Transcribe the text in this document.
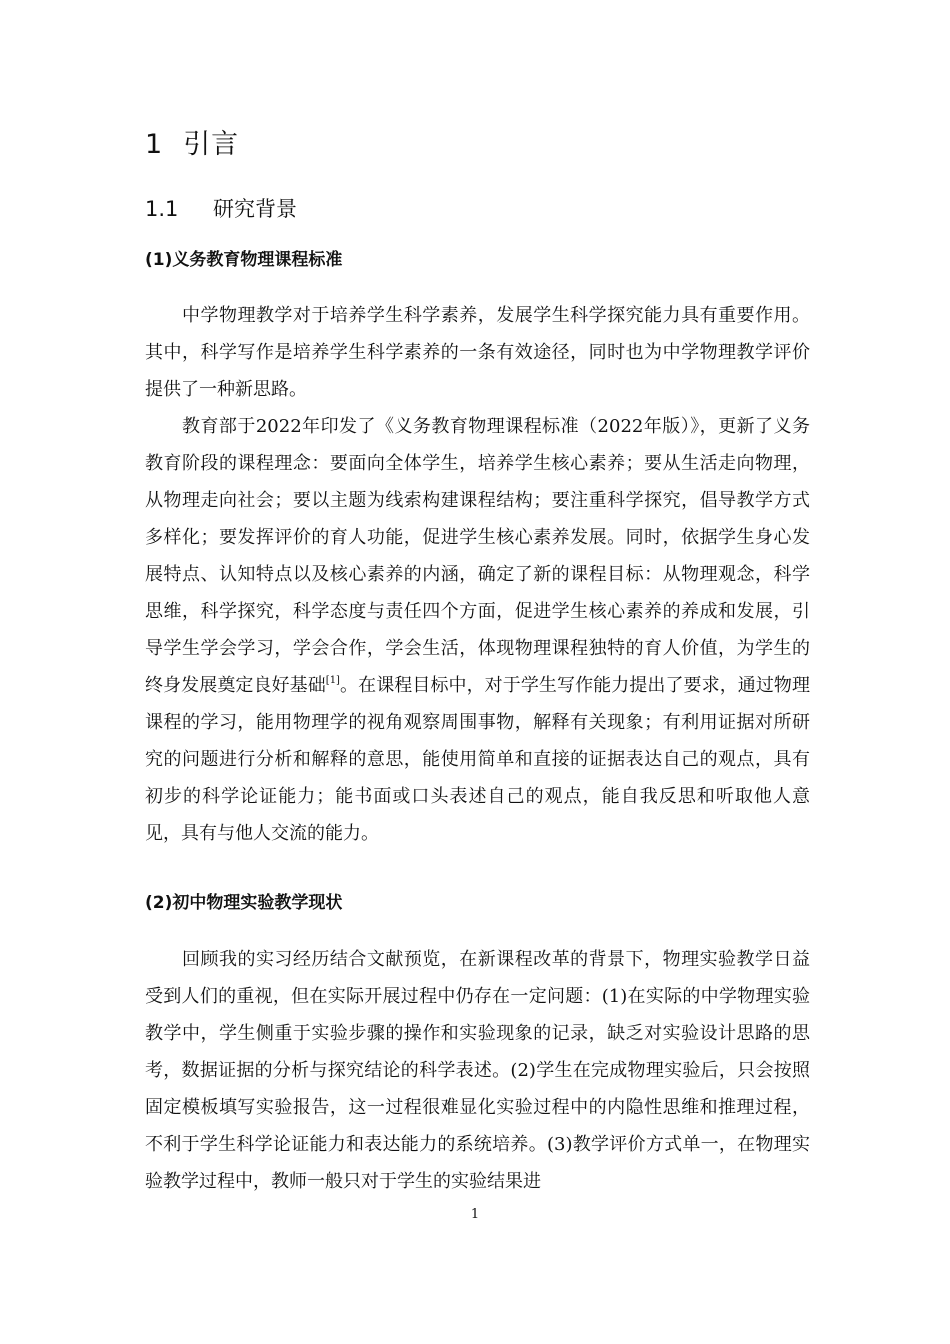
1 引言
1.1 研究背景
(1)义务教育物理课程标准

中学物理教学对于培养学生科学素养，发展学生科学探究能力具有重要作用。其中，科学写作是培养学生科学素养的一条有效途径，同时也为中学物理教学评价提供了一种新思路。

教育部于2022年印发了《义务教育物理课程标准（2022年版）》，更新了义务教育阶段的课程理念：要面向全体学生，培养学生核心素养；要从生活走向物理，从物理走向社会；要以主题为线索构建课程结构；要注重科学探究，倡导教学方式多样化；要发挥评价的育人功能，促进学生核心素养发展。同时，依据学生身心发展特点、认知特点以及核心素养的内涵，确定了新的课程目标：从物理观念，科学思维，科学探究，科学态度与责任四个方面，促进学生核心素养的养成和发展，引导学生学会学习，学会合作，学会生活，体现物理课程独特的育人价值，为学生的终身发展奠定良好基础[1]。在课程目标中，对于学生写作能力提出了要求，通过物理课程的学习，能用物理学的视角观察周围事物，解释有关现象；有利用证据对所研究的问题进行分析和解释的意思，能使用简单和直接的证据表达自己的观点，具有初步的科学论证能力；能书面或口头表述自己的观点，能自我反思和听取他人意见，具有与他人交流的能力。

(2)初中物理实验教学现状

回顾我的实习经历结合文献预览，在新课程改革的背景下，物理实验教学日益受到人们的重视，但在实际开展过程中仍存在一定问题：(1)在实际的中学物理实验教学中，学生侧重于实验步骤的操作和实验现象的记录，缺乏对实验设计思路的思考，数据证据的分析与探究结论的科学表述。(2)学生在完成物理实验后，只会按照固定模板填写实验报告，这一过程很难显化实验过程中的内隐性思维和推理过程，不利于学生科学论证能力和表达能力的系统培养。(3)教学评价方式单一，在物理实验教学过程中，教师一般只对于学生的实验结果进

1
